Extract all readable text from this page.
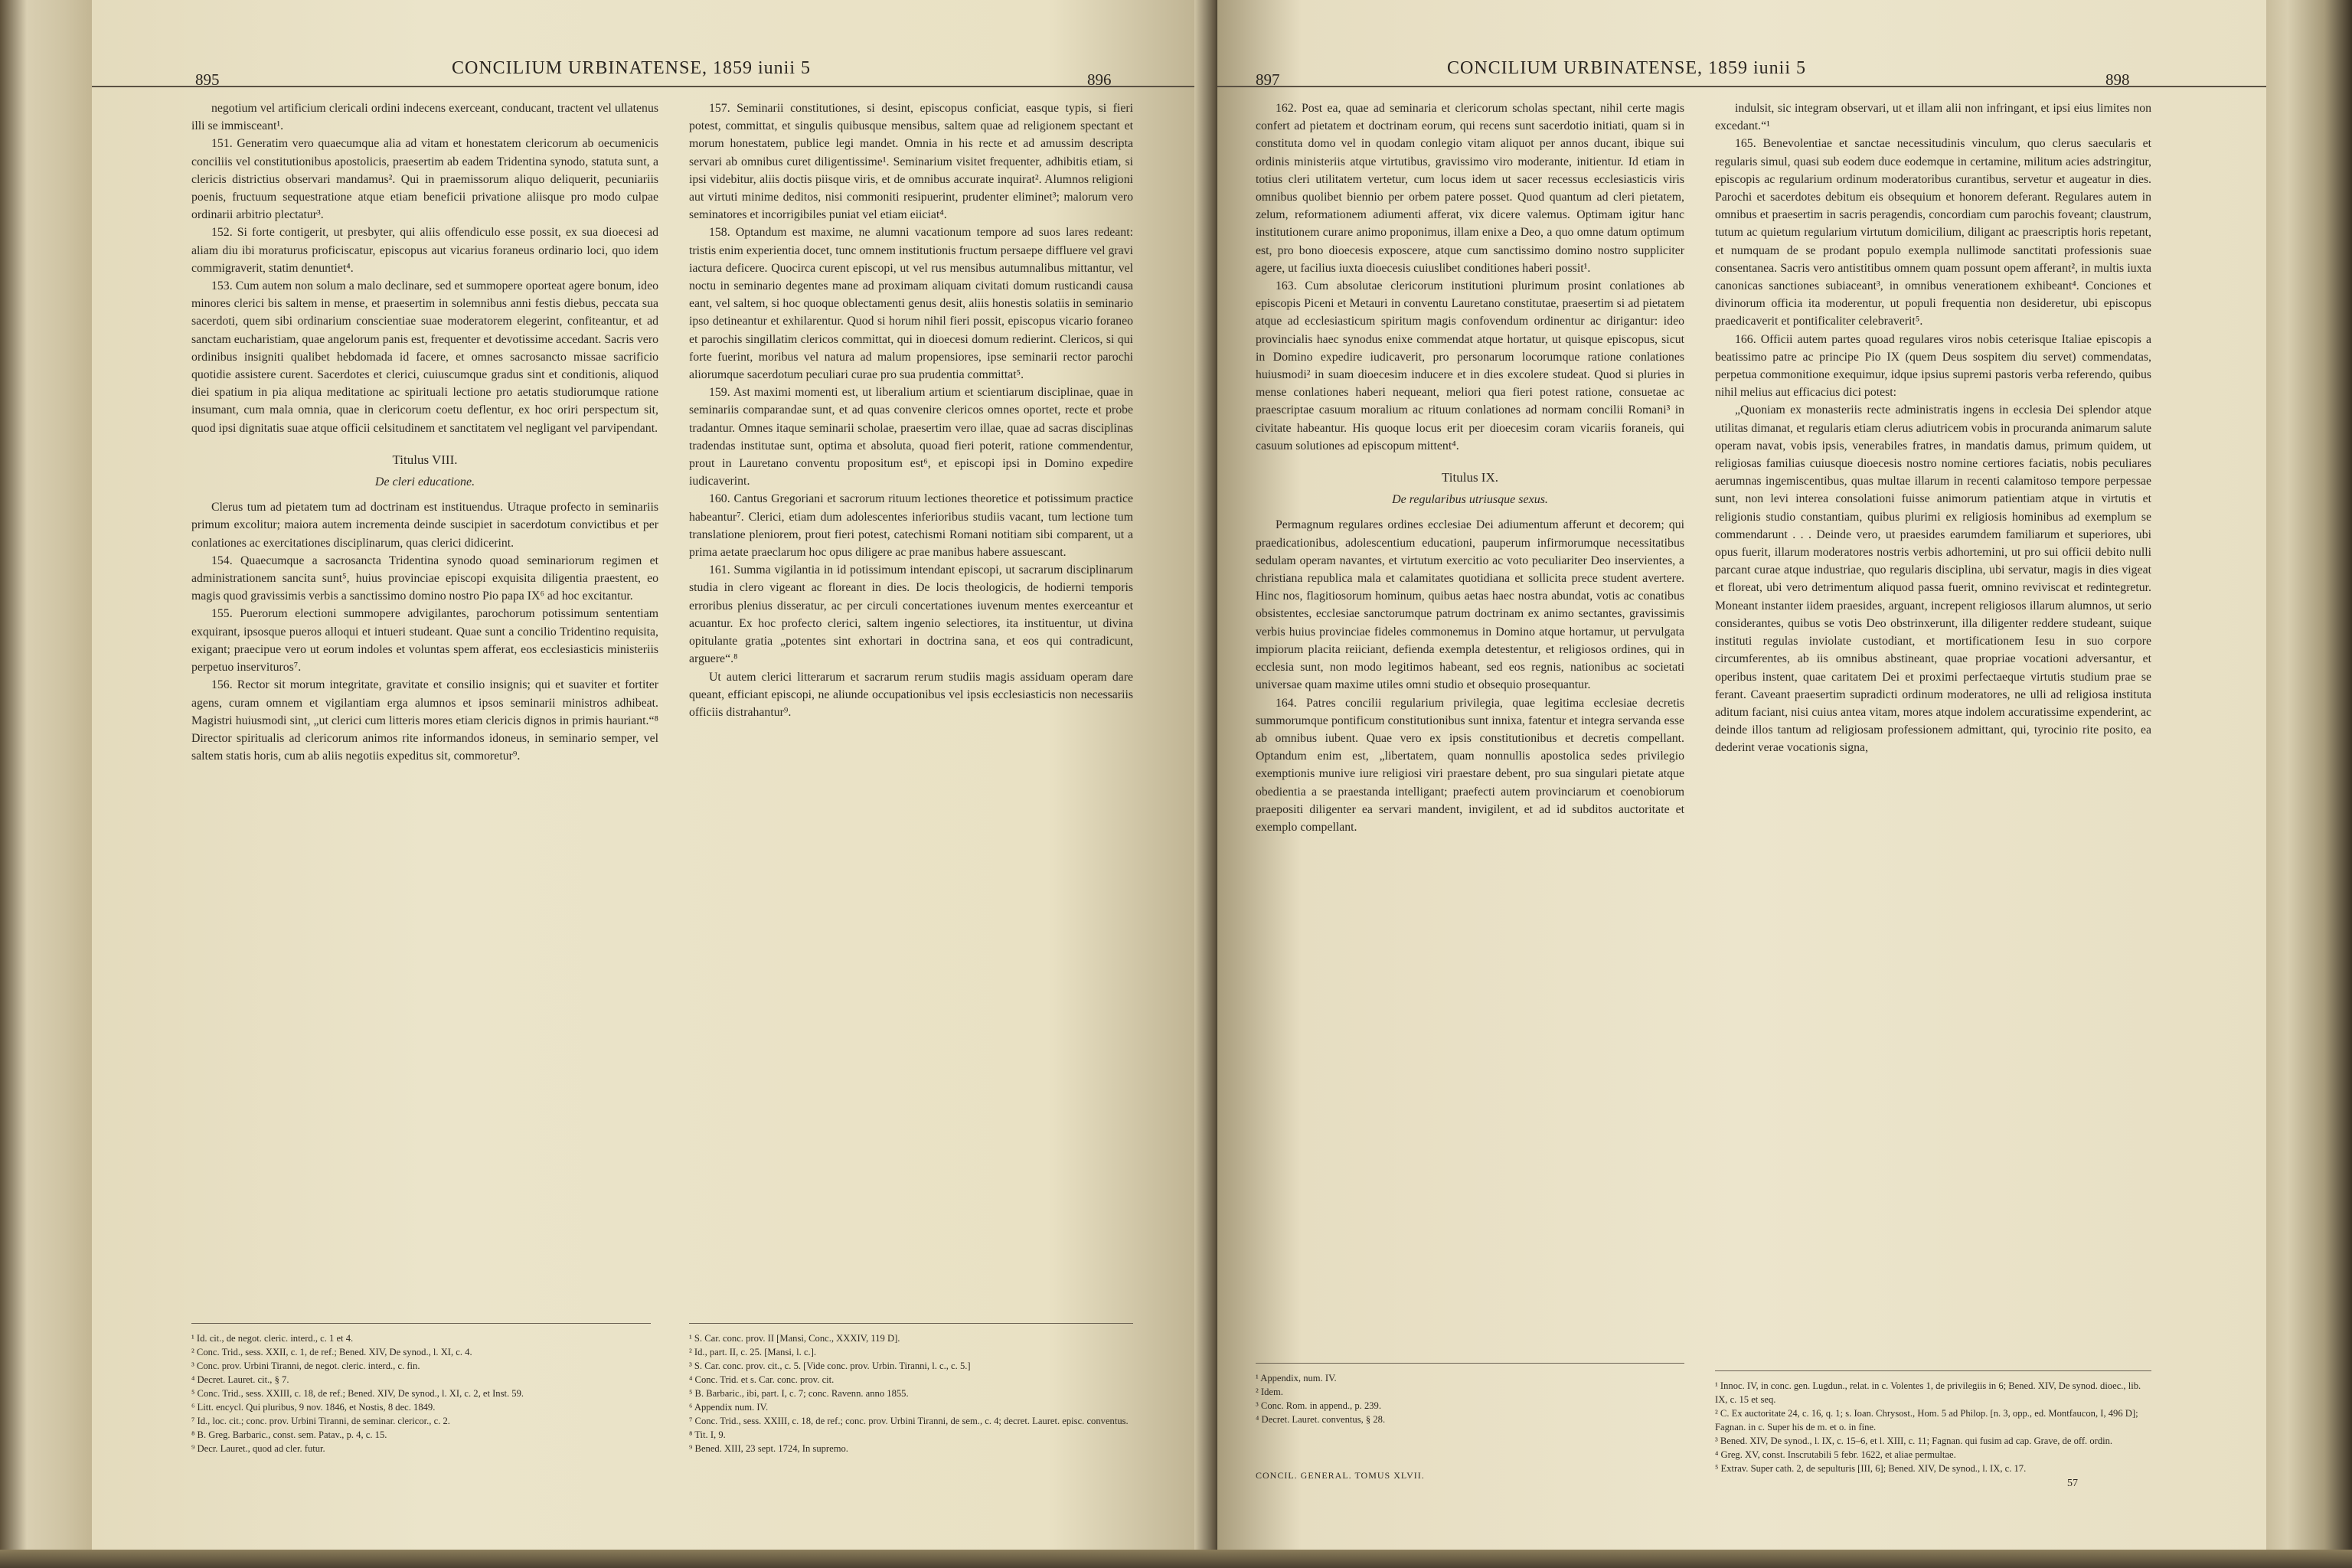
895
CONCILIUM URBINATENSE, 1859 iunii 5
896

negotium vel artificium clericali ordini indecens exerceant, conducant, tractent vel ullatenus illi se immisceant¹.

151. Generatim vero quaecumque alia ad vitam et honestatem clericorum ab oecumenicis conciliis vel constitutionibus apostolicis, praesertim ab eadem Tridentina synodo, statuta sunt, a clericis districtius observari mandamus². Qui in praemissorum aliquo deliquerit, pecuniariis poenis, fructuum sequestratione atque etiam beneficii privatione aliisque pro modo culpae ordinarii arbitrio plectatur³.

152. Si forte contigerit, ut presbyter, qui aliis offendiculo esse possit, ex sua dioecesi ad aliam diu ibi moraturus proficiscatur, episcopus aut vicarius foraneus ordinario loci, quo idem commigraverit, statim denuntiet⁴.

153. Cum autem non solum a malo declinare, sed et summopere oporteat agere bonum, ideo minores clerici bis saltem in mense, et praesertim in solemnibus anni festis diebus, peccata sua sacerdoti, quem sibi ordinarium conscientiae suae moderatorem elegerint, confiteantur, et ad sanctam eucharistiam, quae angelorum panis est, frequenter et devotissime accedant. Sacris vero ordinibus insigniti qualibet hebdomada id facere, et omnes sacrosancto missae sacrificio quotidie assistere curent. Sacerdotes et clerici, cuiuscumque gradus sint et conditionis, aliquod diei spatium in pia aliqua meditatione ac spirituali lectione pro aetatis studiorumque ratione insumant, cum mala omnia, quae in clericorum coetu deflentur, ex hoc oriri perspectum sit, quod ipsi dignitatis suae atque officii celsitudinem et sanctitatem vel negligant vel parvipendant.

Titulus VIII.
De cleri educatione.

Clerus tum ad pietatem tum ad doctrinam est instituendus. Utraque profecto in seminariis primum excolitur; maiora autem incrementa deinde suscipiet in sacerdotum convictibus et per conlationes ac exercitationes disciplinarum, quas clerici didicerint.

154. Quaecumque a sacrosancta Tridentina synodo quoad seminariorum regimen et administrationem sancita sunt⁵, huius provinciae episcopi exquisita diligentia praestent, eo magis quod gravissimis verbis a sanctissimo domino nostro Pio papa IX⁶ ad hoc excitantur.

155. Puerorum electioni summopere advigilantes, parochorum potissimum sententiam exquirant, ipsosque pueros alloqui et intueri studeant. Quae sunt a concilio Tridentino requisita, exigant; praecipue vero ut eorum indoles et voluntas spem afferat, eos ecclesiasticis ministeriis perpetuo inservituros⁷.

156. Rector sit morum integritate, gravitate et consilio insignis; qui et suaviter et fortiter agens, curam omnem et vigilantiam erga alumnos et ipsos seminarii ministros adhibeat. Magistri huiusmodi sint, „ut clerici cum litteris mores etiam clericis dignos in primis hauriant.“⁸ Director spiritualis ad clericorum animos rite informandos idoneus, in seminario semper, vel saltem statis horis, cum ab aliis negotiis expeditus sit, commoretur⁹.

157. Seminarii constitutiones, si desint, episcopus conficiat, easque typis, si fieri potest, committat, et singulis quibusque mensibus, saltem quae ad religionem spectant et morum honestatem, publice legi mandet. Omnia in his recte et ad amussim descripta servari ab omnibus curet diligentissime¹. Seminarium visitet frequenter, adhibitis etiam, si ipsi videbitur, aliis doctis piisque viris, et de omnibus accurate inquirat². Alumnos religioni aut virtuti minime deditos, nisi commoniti resipuerint, prudenter eliminet³; malorum vero seminatores et incorrigibiles puniat vel etiam eiiciat⁴.

158. Optandum est maxime, ne alumni vacationum tempore ad suos lares redeant: tristis enim experientia docet, tunc omnem institutionis fructum persaepe diffluere vel gravi iactura deficere. Quocirca curent episcopi, ut vel rus mensibus autumnalibus mittantur, vel noctu in seminario degentes mane ad proximam aliquam civitati domum rusticandi causa eant, vel saltem, si hoc quoque oblectamenti genus desit, aliis honestis solatiis in seminario ipso detineantur et exhilarentur. Quod si horum nihil fieri possit, episcopus vicario foraneo et parochis singillatim clericos committat, qui in dioecesi domum redierint. Clericos, si qui forte fuerint, moribus vel natura ad malum propensiores, ipse seminarii rector parochi aliorumque sacerdotum peculiari curae pro sua prudentia committat⁵.

159. Ast maximi momenti est, ut liberalium artium et scientiarum disciplinae, quae in seminariis comparandae sunt, et ad quas convenire clericos omnes oportet, recte et probe tradantur. Omnes itaque seminarii scholae, praesertim vero illae, quae ad sacras disciplinas tradendas institutae sunt, optima et absoluta, quoad fieri poterit, ratione commendentur, prout in Lauretano conventu propositum est⁶, et episcopi ipsi in Domino expedire iudicaverint.

160. Cantus Gregoriani et sacrorum rituum lectiones theoretice et potissimum practice habeantur⁷. Clerici, etiam dum adolescentes inferioribus studiis vacant, tum lectione tum translatione pleniorem, prout fieri potest, catechismi Romani notitiam sibi comparent, ut a prima aetate praeclarum hoc opus diligere ac prae manibus habere assuescant.

161. Summa vigilantia in id potissimum intendant episcopi, ut sacrarum disciplinarum studia in clero vigeant ac floreant in dies. De locis theologicis, de hodierni temporis erroribus plenius disseratur, ac per circuli concertationes iuvenum mentes exerceantur et acuantur. Ex hoc profecto clerici, saltem ingenio selectiores, ita instituentur, ut divina opitulante gratia „potentes sint exhortari in doctrina sana, et eos qui contradicunt, arguere“.⁸

Ut autem clerici litterarum et sacrarum rerum studiis magis assiduam operam dare queant, efficiant episcopi, ne aliunde occupationibus vel ipsis ecclesiasticis non necessariis officiis distrahantur⁹.

¹ Id. cit., de negot. cleric. interd., c. 1 et 4.
² Conc. Trid., sess. XXII, c. 1, de ref.; Bened. XIV, De synod., l. XI, c. 4.
³ Conc. prov. Urbini Tiranni, de negot. cleric. interd., c. fin.
⁴ Decret. Lauret. cit., § 7.
⁵ Conc. Trid., sess. XXIII, c. 18, de ref.; Bened. XIV, De synod., l. XI, c. 2, et Inst. 59.
⁶ Litt. encycl. Qui pluribus, 9 nov. 1846, et Nostis, 8 dec. 1849.
⁷ Id., loc. cit.; conc. prov. Urbini Tiranni, de seminar. clericor., c. 2.
⁸ B. Greg. Barbaric., const. sem. Patav., p. 4, c. 15.
⁹ Decr. Lauret., quod ad cler. futur.
¹ S. Car. conc. prov. II [Mansi, Conc., XXXIV, 119 D].
² Id., part. II, c. 25. [Mansi, l. c.].
³ S. Car. conc. prov. cit., c. 5. [Vide conc. prov. Urbin. Tiranni, l. c., c. 5.]
⁴ Conc. Trid. et s. Car. conc. prov. cit.
⁵ B. Barbaric., ibi, part. I, c. 7; conc. Ravenn. anno 1855.
⁶ Appendix num. IV.
⁷ Conc. Trid., sess. XXIII, c. 18, de ref.; conc. prov. Urbini Tiranni, de sem., c. 4; decret. Lauret. episc. conventus.
⁸ Tit. I, 9.
⁹ Bened. XIII, 23 sept. 1724, In supremo.
897
CONCILIUM URBINATENSE, 1859 iunii 5
898

162. Post ea, quae ad seminaria et clericorum scholas spectant, nihil certe magis confert ad pietatem et doctrinam eorum, qui recens sunt sacerdotio initiati, quam si in constituta domo vel in quodam conlegio vitam aliquot per annos ducant, ibique sui ordinis ministeriis atque virtutibus, gravissimo viro moderante, initientur. Id etiam in totius cleri utilitatem vertetur, cum locus idem ut sacer recessus ecclesiasticis viris omnibus quolibet biennio per orbem patere posset. Quod quantum ad cleri pietatem, zelum, reformationem adiumenti afferat, vix dicere valemus. Optimam igitur hanc institutionem curare animo proponimus, illam enixe a Deo, a quo omne datum optimum est, pro bono dioecesis exposcere, atque cum sanctissimo domino nostro suppliciter agere, ut facilius iuxta dioecesis cuiuslibet conditiones haberi possit¹.

163. Cum absolutae clericorum institutioni plurimum prosint conlationes ab episcopis Piceni et Metauri in conventu Lauretano constitutae, praesertim si ad pietatem atque ad ecclesiasticum spiritum magis confovendum ordinentur ac dirigantur: ideo provincialis haec synodus enixe commendat atque hortatur, ut quisque episcopus, sicut in Domino expedire iudicaverit, pro personarum locorumque ratione conlationes huiusmodi² in suam dioecesim inducere et in dies excolere studeat. Quod si pluries in mense conlationes haberi nequeant, meliori qua fieri potest ratione, consuetae ac praescriptae casuum moralium ac rituum conlationes ad normam concilii Romani³ in civitate habeantur. His quoque locus erit per dioecesim coram vicariis foraneis, qui casuum solutiones ad episcopum mittent⁴.

Titulus IX.
De regularibus utriusque sexus.

Permagnum regulares ordines ecclesiae Dei adiumentum afferunt et decorem; qui praedicationibus, adolescentium educationi, pauperum infirmorumque necessitatibus sedulam operam navantes, et virtutum exercitio ac voto peculiariter Deo inservientes, a christiana republica mala et calamitates quotidiana et sollicita prece student avertere. Hinc nos, flagitiosorum hominum, quibus aetas haec nostra abundat, votis ac conatibus obsistentes, ecclesiae sanctorumque patrum doctrinam ex animo sectantes, gravissimis verbis huius provinciae fideles commonemus in Domino atque hortamur, ut pervulgata impiorum placita reiiciant, defienda exempla detestentur, et religiosos ordines, qui in ecclesia sunt, non modo legitimos habeant, sed eos regnis, nationibus ac societati universae quam maxime utiles omni studio et obsequio prosequantur.

164. Patres concilii regularium privilegia, quae legitima ecclesiae decretis summorumque pontificum constitutionibus sunt innixa, fatentur et integra servanda esse ab omnibus iubent. Quae vero ex ipsis constitutionibus et decretis compellant. Optandum enim est, „libertatem, quam nonnullis apostolica sedes privilegio exemptionis munive iure religiosi viri praestare debent, pro sua singulari pietate atque obedientia a se praestanda intelligant; praefecti autem provinciarum et coenobiorum praepositi diligenter ea servari mandent, invigilent, et ad id subditos auctoritate et exemplo compellant.

indulsit, sic integram observari, ut et illam alii non infringant, et ipsi eius limites non excedant.“¹

165. Benevolentiae et sanctae necessitudinis vinculum, quo clerus saecularis et regularis simul, quasi sub eodem duce eodemque in certamine, militum acies adstringitur, episcopis ac regularium ordinum moderatoribus curantibus, servetur et augeatur in dies. Parochi et sacerdotes debitum eis obsequium et honorem deferant. Regulares autem in omnibus et praesertim in sacris peragendis, concordiam cum parochis foveant; claustrum, tutum ac quietum regularium virtutum domicilium, diligant ac praescriptis horis repetant, et numquam de se prodant populo exempla nullimode sanctitati professionis suae consentanea. Sacris vero antistitibus omnem quam possunt opem afferant², in multis iuxta canonicas sanctiones subiaceant³, in omnibus venerationem exhibeant⁴. Conciones et divinorum officia ita moderentur, ut populi frequentia non desideretur, ubi episcopus praedicaverit et pontificaliter celebraverit⁵.

166. Officii autem partes quoad regulares viros nobis ceterisque Italiae episcopis a beatissimo patre ac principe Pio IX (quem Deus sospitem diu servet) commendatas, perpetua commonitione exequimur, idque ipsius supremi pastoris verba referendo, quibus nihil melius aut efficacius dici potest:

„Quoniam ex monasteriis recte administratis ingens in ecclesia Dei splendor atque utilitas dimanat, et regularis etiam clerus adiutricem vobis in procuranda animarum salute operam navat, vobis ipsis, venerabiles fratres, in mandatis damus, primum quidem, ut religiosas familias cuiusque dioecesis nostro nomine certiores faciatis, nobis peculiares aerumnas ingemiscentibus, quas multae illarum in recenti calamitoso tempore perpessae sunt, non levi intereа consolationi fuisse animorum patientiam atque in virtutis et religionis studio constantiam, quibus plurimi ex religiosis hominibus ad exemplum se commendarunt . . . Deinde vero, ut praesides earumdem familiarum et superiores, ubi opus fuerit, illarum moderatores nostris verbis adhortemini, ut pro sui officii debito nulli parcant curae atque industriae, quo regularis disciplina, ubi servatur, magis in dies vigeat et floreat, ubi vero detrimentum aliquod passa fuerit, omnino reviviscat et redintegretur. Moneant instanter iidem praesides, arguant, increpent religiosos illarum alumnos, ut serio considerantes, quibus se votis Deo obstrinxerunt, illa diligenter reddere studeant, suique instituti regulas inviolate custodiant, et mortificationem Iesu in suo corpore circumferentes, ab iis omnibus abstineant, quae propriae vocationi adversantur, et operibus instent, quae caritatem Dei et proximi perfectaeque virtutis studium prae se ferant. Caveant praesertim supradicti ordinum moderatores, ne ulli ad religiosa instituta aditum faciant, nisi cuius antea vitam, mores atque indolem accuratissime expenderint, ac deinde illos tantum ad religiosam professionem admittant, qui, tyrocinio rite posito, ea dederint verae vocationis signa,

¹ Appendix, num. IV.
² Idem.
³ Conc. Rom. in append., p. 239.
⁴ Decret. Lauret. conventus, § 28.
CONCIL. GENERAL. TOMUS XLVII.
¹ Innoc. IV, in conc. gen. Lugdun., relat. in c. Volentes 1, de privilegiis in 6; Bened. XIV, De synod. dioec., lib. IX, c. 15 et seq.
² C. Ex auctoritate 24, c. 16, q. 1; s. Ioan. Chrysost., Hom. 5 ad Philop. [n. 3, opp., ed. Montfaucon, I, 496 D]; Fagnan. in c. Super his de m. et o. in fine.
³ Bened. XIV, De synod., l. IX, c. 15–6, et l. XIII, c. 11; Fagnan. qui fusim ad cap. Grave, de off. ordin.
⁴ Greg. XV, const. Inscrutabili 5 febr. 1622, et aliae permultae.
⁵ Extrav. Super cath. 2, de sepulturis [III, 6]; Bened. XIV, De synod., l. IX, c. 17.
57
